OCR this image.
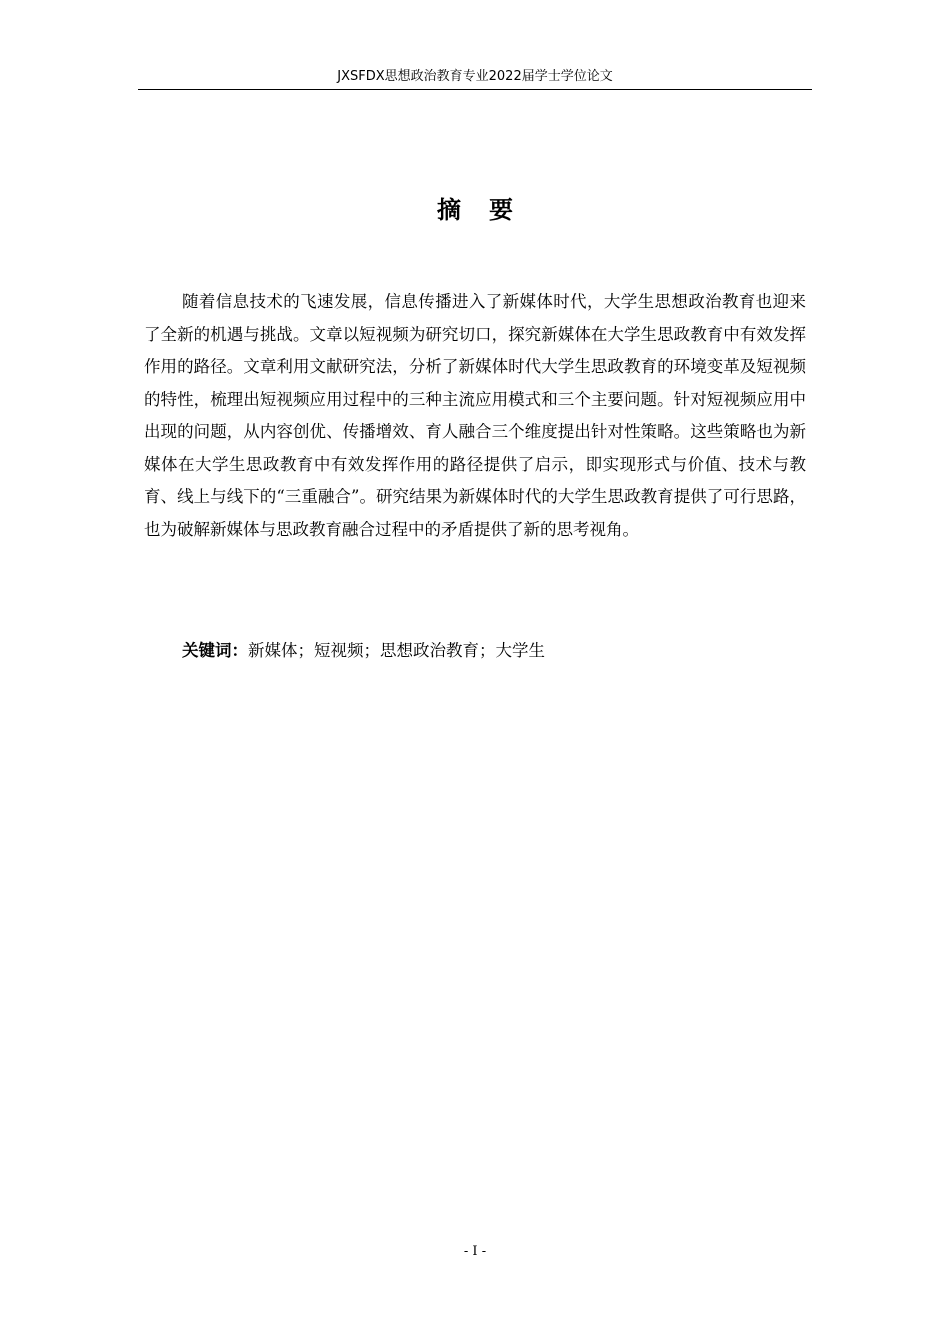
JXSFDX思想政治教育专业2022届学士学位论文
摘要

随着信息技术的飞速发展，信息传播进入了新媒体时代，大学生思想政治教育也迎来了全新的机遇与挑战。文章以短视频为研究切口，探究新媒体在大学生思政教育中有效发挥作用的路径。文章利用文献研究法，分析了新媒体时代大学生思政教育的环境变革及短视频的特性，梳理出短视频应用过程中的三种主流应用模式和三个主要问题。针对短视频应用中出现的问题，从内容创优、传播增效、育人融合三个维度提出针对性策略。这些策略也为新媒体在大学生思政教育中有效发挥作用的路径提供了启示，即实现形式与价值、技术与教育、线上与线下的“三重融合”。研究结果为新媒体时代的大学生思政教育提供了可行思路，也为破解新媒体与思政教育融合过程中的矛盾提供了新的思考视角。

关键词：新媒体；短视频；思想政治教育；大学生

- I -
